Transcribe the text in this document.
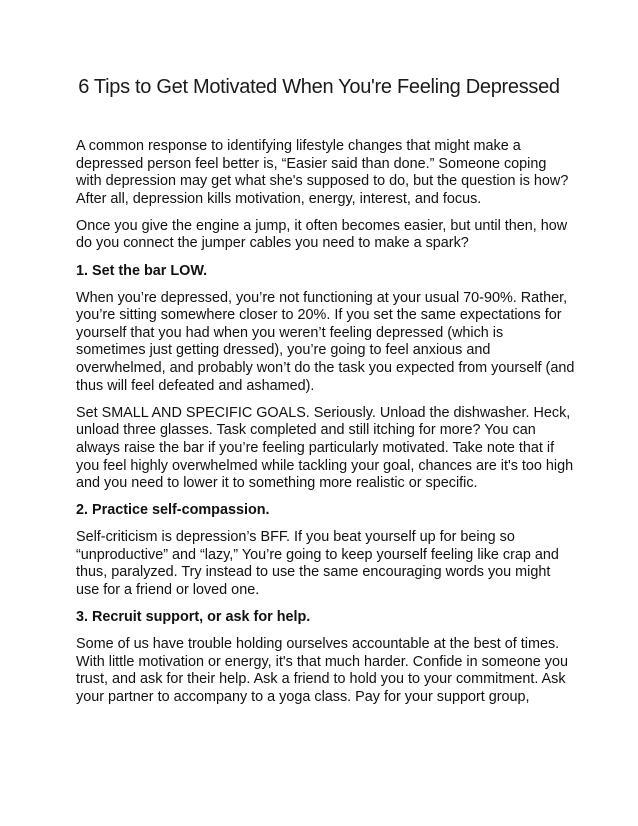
6 Tips to Get Motivated When You're Feeling Depressed
A common response to identifying lifestyle changes that might make a
depressed person feel better is, “Easier said than done.” Someone coping
with depression may get what she's supposed to do, but the question is how?
After all, depression kills motivation, energy, interest, and focus.
Once you give the engine a jump, it often becomes easier, but until then, how
do you connect the jumper cables you need to make a spark?
1. Set the bar LOW.
When you’re depressed, you’re not functioning at your usual 70-90%. Rather,
you’re sitting somewhere closer to 20%. If you set the same expectations for
yourself that you had when you weren’t feeling depressed (which is
sometimes just getting dressed), you’re going to feel anxious and
overwhelmed, and probably won’t do the task you expected from yourself (and
thus will feel defeated and ashamed).
Set SMALL AND SPECIFIC GOALS. Seriously. Unload the dishwasher. Heck,
unload three glasses. Task completed and still itching for more? You can
always raise the bar if you’re feeling particularly motivated. Take note that if
you feel highly overwhelmed while tackling your goal, chances are it's too high
and you need to lower it to something more realistic or specific.
2. Practice self-compassion.
Self-criticism is depression’s BFF. If you beat yourself up for being so
“unproductive” and “lazy,” You’re going to keep yourself feeling like crap and
thus, paralyzed. Try instead to use the same encouraging words you might
use for a friend or loved one.
3. Recruit support, or ask for help.
Some of us have trouble holding ourselves accountable at the best of times.
With little motivation or energy, it's that much harder. Confide in someone you
trust, and ask for their help. Ask a friend to hold you to your commitment. Ask
your partner to accompany to a yoga class. Pay for your support group,
